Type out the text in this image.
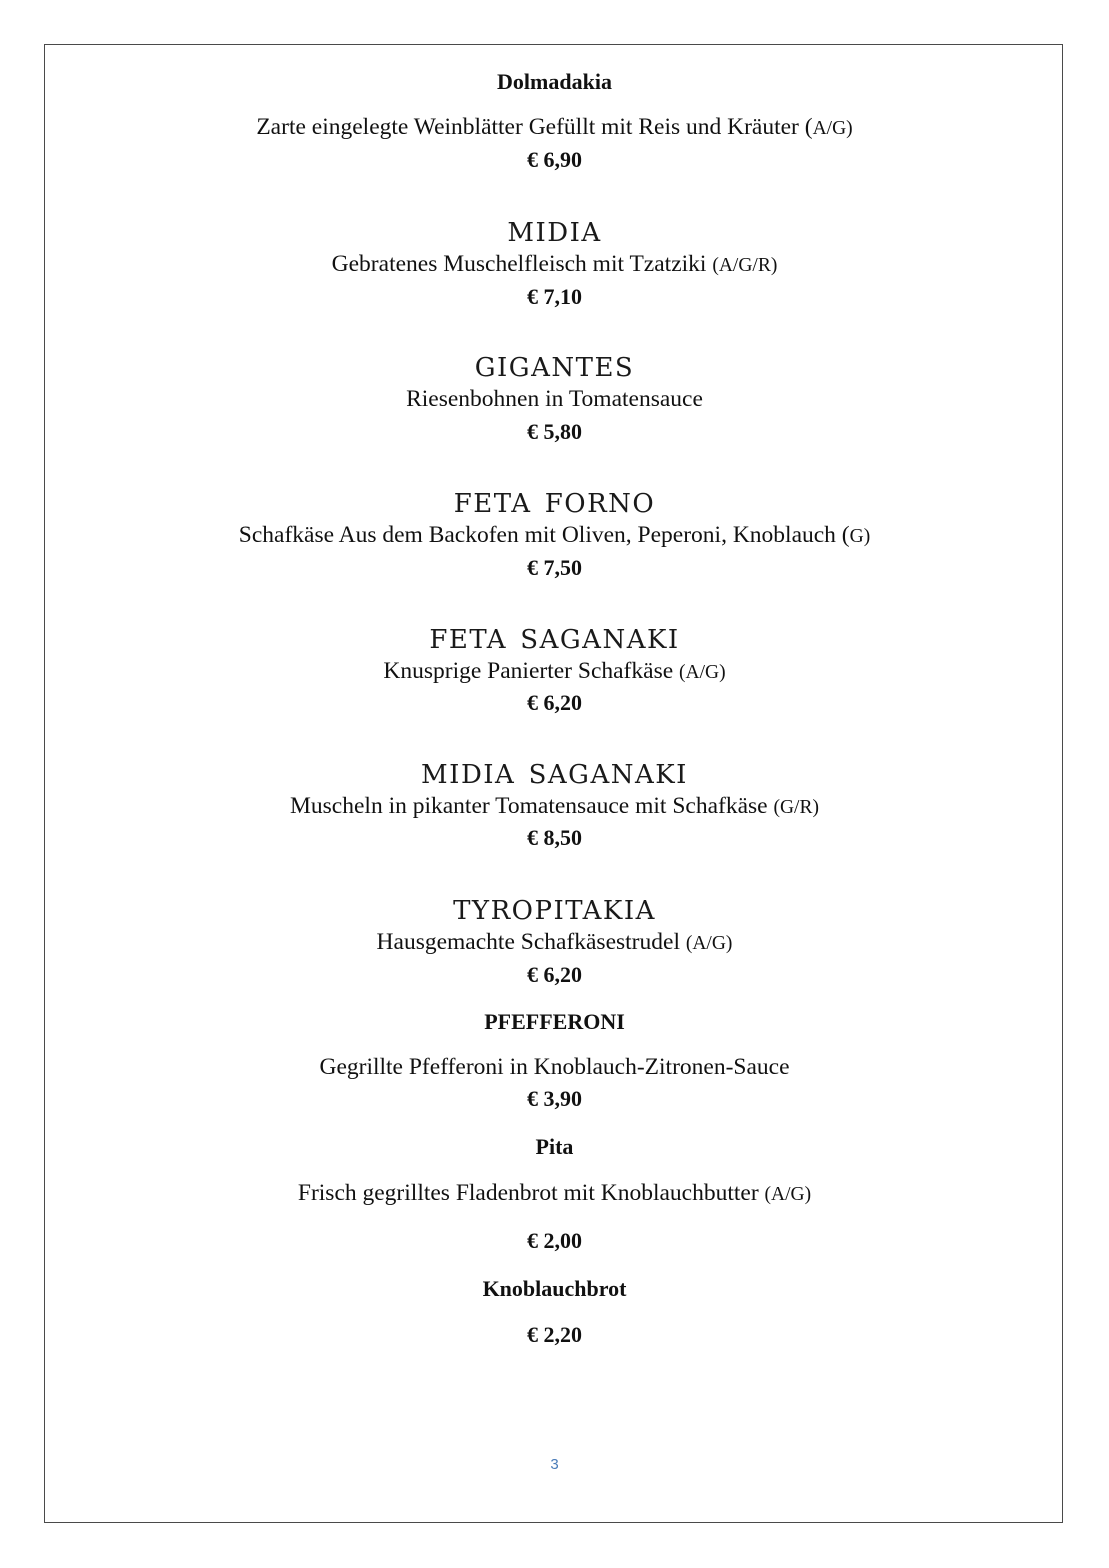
Dolmadakia
Zarte eingelegte Weinblätter Gefüllt mit Reis und Kräuter (A/G)
€ 6,90
midia
Gebratenes Muschelfleisch mit Tzatziki (A/G/R)
€ 7,10
gigantes
Riesenbohnen in Tomatensauce
€ 5,80
feta forno
Schafkäse Aus dem Backofen mit Oliven, Peperoni, Knoblauch (G)
€ 7,50
feta saganaki
Knusprige Panierter Schafkäse (A/G)
€ 6,20
midia saganaki
Muscheln in pikanter Tomatensauce mit Schafkäse (G/R)
€ 8,50
tyropitakia
Hausgemachte Schafkäsestrudel (A/G)
€ 6,20
PFEFFERONI
Gegrillte Pfefferoni in Knoblauch-Zitronen-Sauce
€ 3,90
Pita
Frisch gegrilltes Fladenbrot mit Knoblauchbutter (A/G)
€ 2,00
Knoblauchbrot
€ 2,20
3
